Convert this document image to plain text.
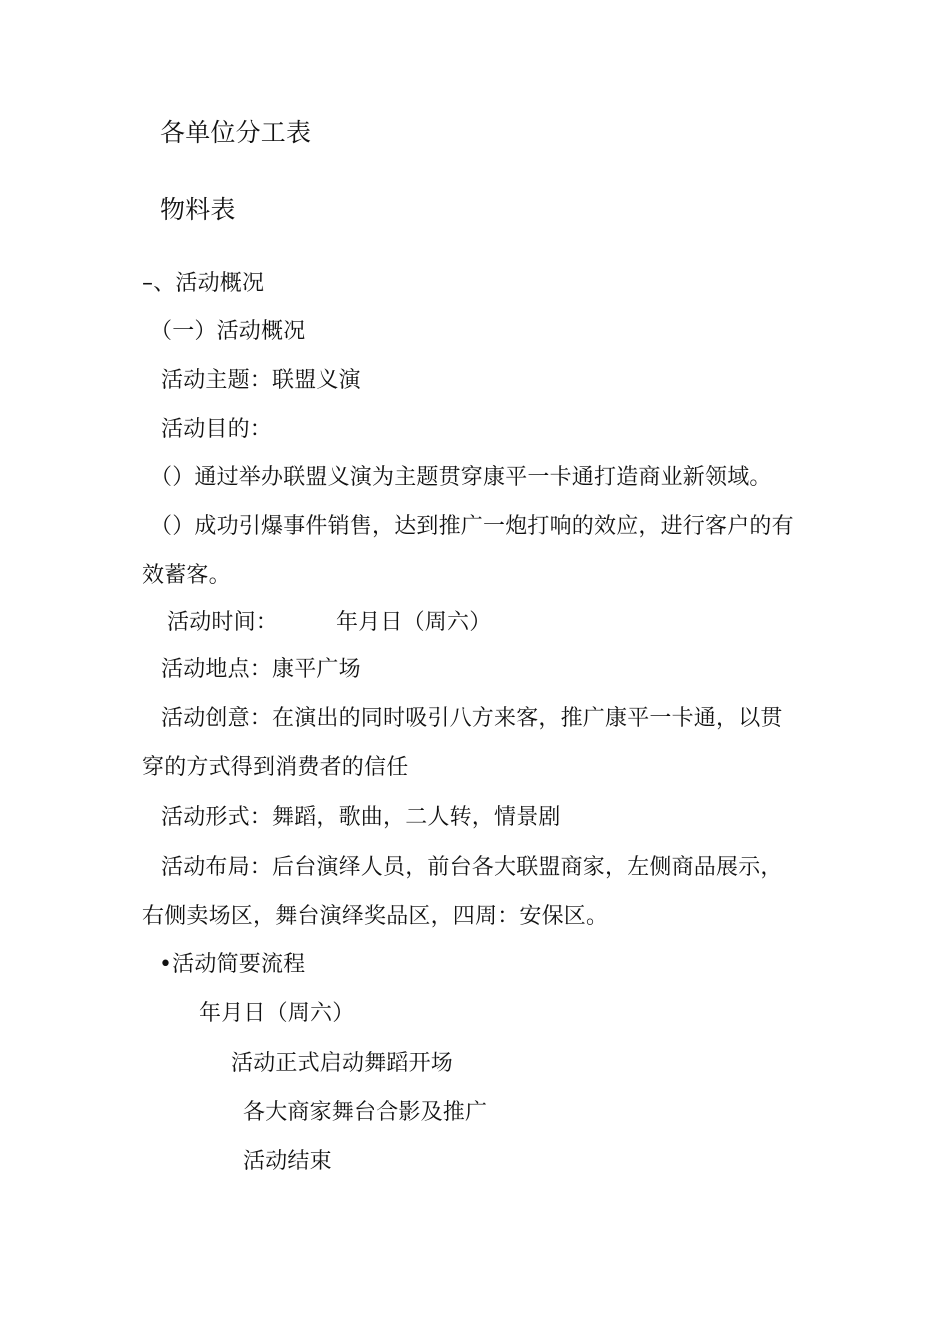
各单位分工表
物料表
–、活动概况
（一）活动概况
活动主题：联盟义演
活动目的：
（）通过举办联盟义演为主题贯穿康平一卡通打造商业新领域。
（）成功引爆事件销售，达到推广一炮打响的效应，进行客户的有
效蓄客。
活动时间：	年月日（周六）
活动地点：康平广场
活动创意：在演出的同时吸引八方来客，推广康平一卡通，以贯
穿的方式得到消费者的信任
活动形式：舞蹈，歌曲，二人转，情景剧
活动布局：后台演绎人员，前台各大联盟商家，左侧商品展示，
右侧卖场区，舞台演绎奖品区，四周：安保区。
•活动简要流程
年月日（周六）
活动正式启动舞蹈开场
各大商家舞台合影及推广
活动结束
